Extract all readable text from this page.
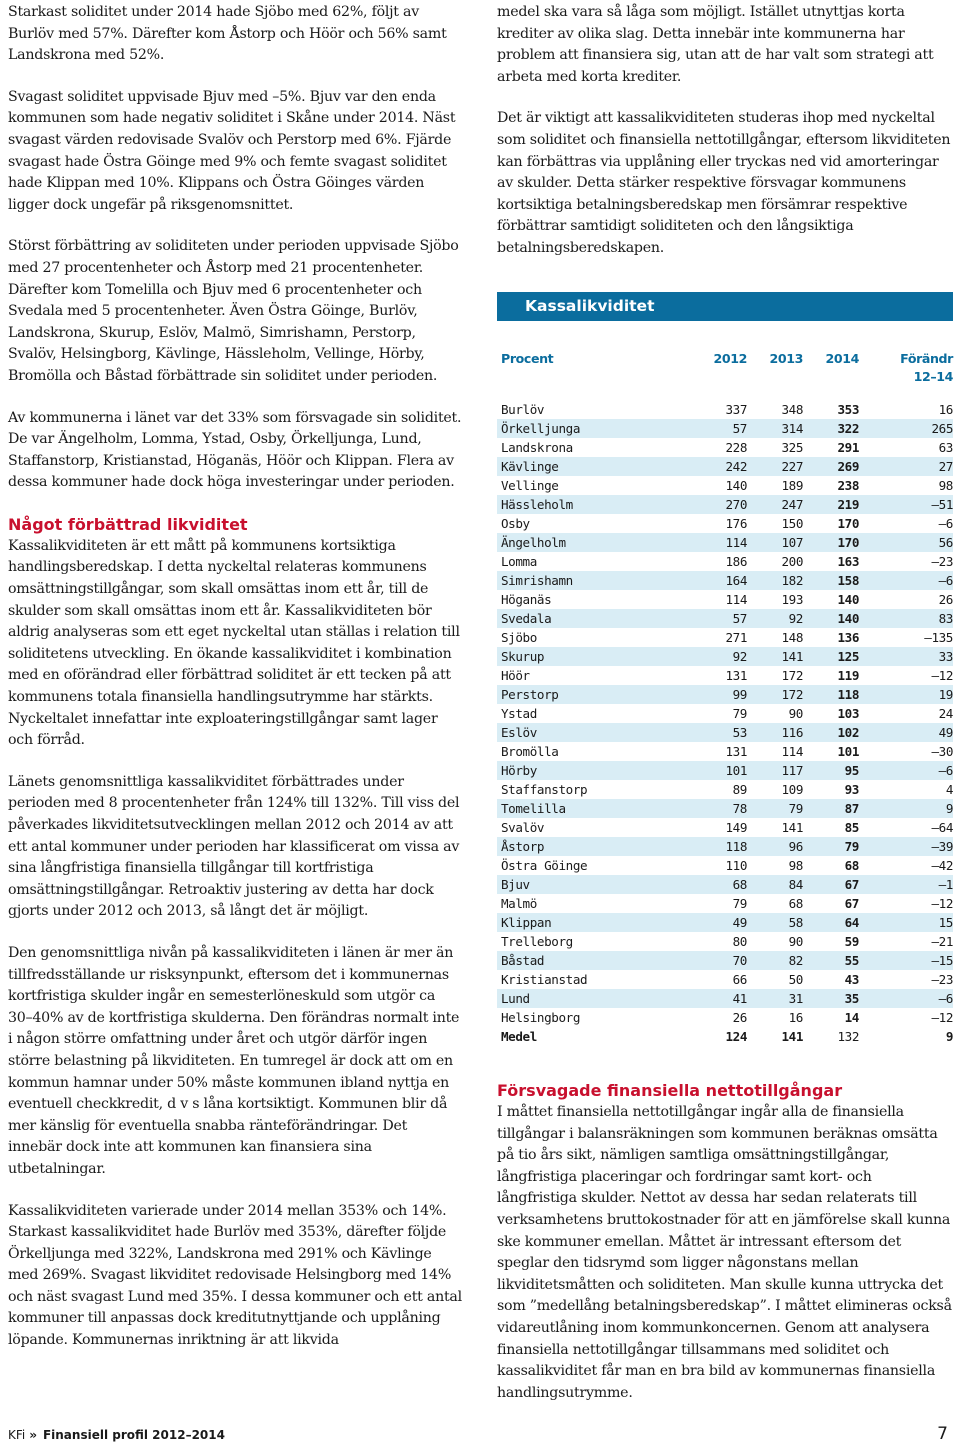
Starkast soliditet under 2014 hade Sjöbo med 62%, följt av Burlöv med 57%. Därefter kom Åstorp och Höör och 56% samt Landskrona med 52%.

Svagast soliditet uppvisade Bjuv med –5%. Bjuv var den enda kommunen som hade negativ soliditet i Skåne under 2014. Näst svagast värden redovisade Svalöv och Perstorp med 6%. Fjärde svagast hade Östra Göinge med 9% och femte svagast soliditet hade Klippan med 10%. Klippans och Östra Göinges värden ligger dock ungefär på riksgenomsnittet.

Störst förbättring av soliditeten under perioden uppvisade Sjöbo med 27 procentenheter och Åstorp med 21 procentenheter. Därefter kom Tomelilla och Bjuv med 6 procentenheter och Svedala med 5 procentenheter. Även Östra Göinge, Burlöv, Landskrona, Skurup, Eslöv, Malmö, Simrishamn, Perstorp, Svalöv, Helsingborg, Kävlinge, Hässleholm, Vellinge, Hörby, Bromölla och Båstad förbättrade sin soliditet under perioden.

Av kommunerna i länet var det 33% som försvagade sin soliditet. De var Ängelholm, Lomma, Ystad, Osby, Örkelljunga, Lund, Staffanstorp, Kristianstad, Höganäs, Höör och Klippan. Flera av dessa kommuner hade dock höga investeringar under perioden.

Något förbättrad likviditet

Kassalikviditeten är ett mått på kommunens kortsiktiga handlingsberedskap. I detta nyckeltal relateras kommunens omsättningstillgångar, som skall omsättas inom ett år, till de skulder som skall omsättas inom ett år. Kassalikviditeten bör aldrig analyseras som ett eget nyckeltal utan ställas i relation till soliditetens utveckling. En ökande kassalikviditet i kombination med en oförändrad eller förbättrad soliditet är ett tecken på att kommunens totala finansiella handlingsutrymme har stärkts. Nyckeltalet innefattar inte exploateringstillgångar samt lager och förråd.

Länets genomsnittliga kassalikviditet förbättrades under perioden med 8 procentenheter från 124% till 132%. Till viss del påverkades likviditetsutvecklingen mellan 2012 och 2014 av att ett antal kommuner under perioden har klassificerat om vissa av sina långfristiga finansiella tillgångar till kortfristiga omsättningstillgångar. Retroaktiv justering av detta har dock gjorts under 2012 och 2013, så långt det är möjligt.

Den genomsnittliga nivån på kassalikviditeten i länen är mer än tillfredsställande ur risksynpunkt, eftersom det i kommunernas kortfristiga skulder ingår en semesterlöneskuld som utgör ca 30–40% av de kortfristiga skulderna. Den förändras normalt inte i någon större omfattning under året och utgör därför ingen större belastning på likviditeten. En tumregel är dock att om en kommun hamnar under 50% måste kommunen ibland nyttja en eventuell checkkredit, d v s låna kortsiktigt. Kommunen blir då mer känslig för eventuella snabba ränteförändringar. Det innebär dock inte att kommunen kan finansiera sina utbetalningar.

Kassalikviditeten varierade under 2014 mellan 353% och 14%. Starkast kassalikviditet hade Burlöv med 353%, därefter följde Örkelljunga med 322%, Landskrona med 291% och Kävlinge med 269%. Svagast likviditet redovisade Helsingborg med 14% och näst svagast Lund med 35%. I dessa kommuner och ett antal kommuner till anpassas dock kreditutnyttjande och upplåning löpande. Kommunernas inriktning är att likvida

medel ska vara så låga som möjligt. Istället utnyttjas korta krediter av olika slag. Detta innebär inte kommunerna har problem att finansiera sig, utan att de har valt som strategi att arbeta med korta krediter.

Det är viktigt att kassalikviditeten studeras ihop med nyckeltal som soliditet och finansiella nettotillgångar, eftersom likviditeten kan förbättras via upplåning eller tryckas ned vid amorteringar av skulder. Detta stärker respektive försvagar kommunens kortsiktiga betalningsberedskap men försämrar respektive förbättrar samtidigt soliditeten och den långsiktiga betalningsberedskapen.

Kassalikviditet
Procent	2012	2013	2014	Förändr
12–14

Burlöv	337	348	353	16
Örkelljunga	57	314	322	265
Landskrona	228	325	291	63
Kävlinge	242	227	269	27
Vellinge	140	189	238	98
Hässleholm	270	247	219	–51
Osby	176	150	170	–6
Ängelholm	114	107	170	56
Lomma	186	200	163	–23
Simrishamn	164	182	158	–6
Höganäs	114	193	140	26
Svedala	57	92	140	83
Sjöbo	271	148	136	–135
Skurup	92	141	125	33
Höör	131	172	119	–12
Perstorp	99	172	118	19
Ystad	79	90	103	24
Eslöv	53	116	102	49
Bromölla	131	114	101	–30
Hörby	101	117	95	–6
Staffanstorp	89	109	93	4
Tomelilla	78	79	87	9
Svalöv	149	141	85	–64
Åstorp	118	96	79	–39
Östra Göinge	110	98	68	–42
Bjuv	68	84	67	–1
Malmö	79	68	67	–12
Klippan	49	58	64	15
Trelleborg	80	90	59	–21
Båstad	70	82	55	–15
Kristianstad	66	50	43	–23
Lund	41	31	35	–6
Helsingborg	26	16	14	–12
Medel	124	141	132	9
Försvagade finansiella nettotillgångar

I måttet finansiella nettotillgångar ingår alla de finansiella tillgångar i balansräkningen som kommunen beräknas omsätta på tio års sikt, nämligen samtliga omsättningstillgångar, långfristiga placeringar och fordringar samt kort- och långfristiga skulder. Nettot av dessa har sedan relaterats till verksamhetens bruttokostnader för att en jämförelse skall kunna ske kommuner emellan. Måttet är intressant eftersom det speglar den tidsrymd som ligger någonstans mellan likviditetsmåtten och soliditeten. Man skulle kunna uttrycka det som ”medellång betalningsberedskap”. I måttet elimineras också vidareutlåning inom kommunkoncernen. Genom att analysera finansiella nettotillgångar tillsammans med soliditet och kassalikviditet får man en bra bild av kommunernas finansiella handlingsutrymme.

KFi ›› Finansiell profil 2012–2014	7
